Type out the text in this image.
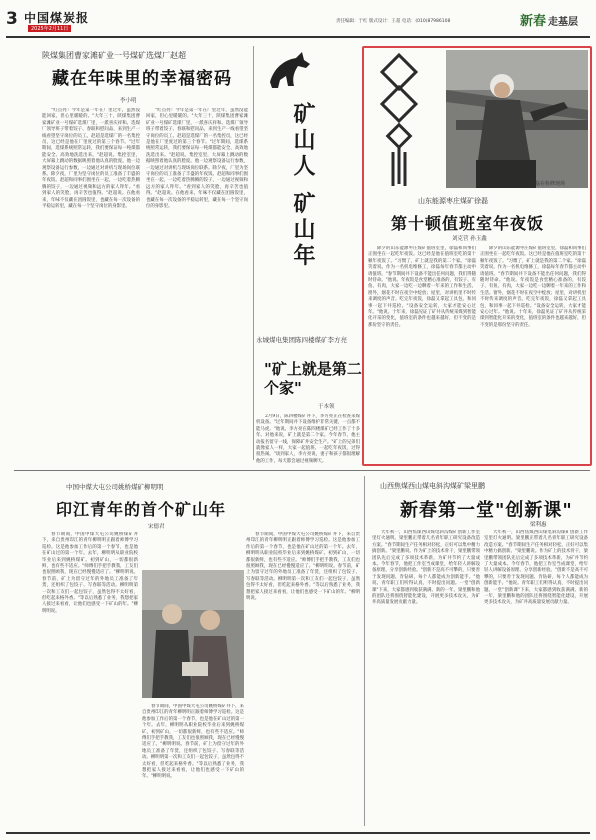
3 中国煤炭报
2025年2月11日
责任编辑：于红 版式设计：王超 电话：(010)87986108	新春 走基层
陕煤集团曹家滩矿业一号煤矿选煤厂赵超
藏在年味里的幸福密码
李小明
"红点亮！今年是第一年在厂里过年，虽然没能回家，但心里暖暖的。"大年三十，陕煤集团曹家滩矿业一号煤矿选煤厂里，一派喜庆祥和。选煤厂领导班子带着饺子、春联和慰问品，来到生产一线看望坚守岗位的员工。赵超是选煤厂的一名集控员，这已经是他在厂里度过的第三个春节。"过年期间，选煤系统照常运转，我们要保证每一吨煤都能安全、高效地洗选出来。"赵超说。集控室里，大屏幕上跳动的数据映照着他认真的脸庞。他一边观察设备运行参数，一边通过对讲机与现场岗位联系。除夕夜，厂里为坚守岗位的员工准备了丰盛的年夜饭。赵超和同事们围坐在一起，一边吃着热腾腾的饺子，一边通过视频和远方的家人拜年。"看到家人的笑脸，再辛苦也值得。"赵超说。在他看来，年味不仅藏在团圆饭里，也藏在每一次设备的平稳运转里，藏在每一个坚守岗位的身影里。
"红点亮！今年是第一年在厂里过年，虽然没能回家，但心里暖暖的。"大年三十，陕煤集团曹家滩矿业一号煤矿选煤厂里，一派喜庆祥和。选煤厂领导班子带着饺子、春联和慰问品，来到生产一线看望坚守岗位的员工。赵超是选煤厂的一名集控员，这已经是他在厂里度过的第三个春节。"过年期间，选煤系统照常运转，我们要保证每一吨煤都能安全、高效地洗选出来。"赵超说。集控室里，大屏幕上跳动的数据映照着他认真的脸庞。他一边观察设备运行参数，一边通过对讲机与现场岗位联系。除夕夜，厂里为坚守岗位的员工准备了丰盛的年夜饭。赵超和同事们围坐在一起，一边吃着热腾腾的饺子，一边通过视频和远方的家人拜年。"看到家人的笑脸，再辛苦也值得。"赵超说。在他看来，年味不仅藏在团圆饭里，也藏在每一次设备的平稳运转里，藏在每一个坚守岗位的身影里。	矿山人 矿山年
永城煤电集团陈四楼煤矿李方亮
"矿上就是第二个家"
于本领
2月9日，陈四楼煤矿井下，李方亮正在检查采煤机设备。"过年期间井下设备维护非常关键，一点都不能马虎。"他说。李方亮在陈四楼煤矿已经工作了十多年。对他来说，矿上就是第二个家。今年春节，他主动报名留守一线，保障矿井安全生产。"矿上的兄弟们就像家人一样，大家一起值班、一起吃年夜饭，过得很热闹。"谈到家人，李方亮说，妻子和孩子都很理解他的工作，每天都会通过视频聊天。
徐磊在检修现场
山东能源枣庄煤矿徐磊
第十顿值班室年夜饭
刘克营 孙玉鑫
除夕的山东能源枣庄煤矿值班室里，徐磊和同事们正围坐在一起吃年夜饭。这已经是他在值班室吃的第十顿年夜饭了。"习惯了，矿上就是我的第二个家。"徐磊笑着说。作为一名机电维修工，徐磊每年春节都主动申请值班。"春节期间井下设备不能出任何问题，我们得随时待命。"他说。年夜饭是食堂精心准备的，有饺子、有鱼、有肉，大家一边吃一边聊着一年来的工作和生活。窗外，烟花不时在夜空中绽放；屋里，对讲机里不时传来调度的声音。吃完年夜饭，徐磊又拿起工具包，和同事一起下井巡检。"设备安全运转，大家才能安心过年。"他说。十年来，徐磊见证了矿井从传统采煤到智能化开采的变化，值班室的条件也越来越好，但不变的是那份坚守的责任。
除夕的山东能源枣庄煤矿值班室里，徐磊和同事们正围坐在一起吃年夜饭。这已经是他在值班室吃的第十顿年夜饭了。"习惯了，矿上就是我的第二个家。"徐磊笑着说。作为一名机电维修工，徐磊每年春节都主动申请值班。"春节期间井下设备不能出任何问题，我们得随时待命。"他说。年夜饭是食堂精心准备的，有饺子、有鱼、有肉，大家一边吃一边聊着一年来的工作和生活。窗外，烟花不时在夜空中绽放；屋里，对讲机里不时传来调度的声音。吃完年夜饭，徐磊又拿起工具包，和同事一起下井巡检。"设备安全运转，大家才能安心过年。"他说。十年来，徐磊见证了矿井从传统采煤到智能化开采的变化，值班室的条件也越来越好，但不变的是那份坚守的责任。
山西焦煤西山煤电斜沟煤矿梁里鹏
新春第一堂"创新课"
梁利惠
大年初一，山西焦煤西山煤电斜沟煤矿创新工作室里灯火通明。梁里鹏正带着几名青年职工研究设备改造方案。"春节期间生产任务相对轻松，正好可以集中精力搞创新。"梁里鹏说。作为矿上的技术骨干，梁里鹏带领团队先后完成了多项技术革新，为矿井节约了大量成本。今年春节，他把工作室当成课堂，给年轻人讲解设备原理、分享创新经验。"创新不是高不可攀的，只要善于发现问题、肯钻研，每个人都能成为创新能手。"他说。青年职工们听得认真，不时提出问题。一堂"创新课"下来，大家都感到收获满满。新的一年，梁里鹏和他的团队还将围绕智能化建设，开展更多技术攻关，为矿井高质量发展贡献力量。
大年初一，山西焦煤西山煤电斜沟煤矿创新工作室里灯火通明。梁里鹏正带着几名青年职工研究设备改造方案。"春节期间生产任务相对轻松，正好可以集中精力搞创新。"梁里鹏说。作为矿上的技术骨干，梁里鹏带领团队先后完成了多项技术革新，为矿井节约了大量成本。今年春节，他把工作室当成课堂，给年轻人讲解设备原理、分享创新经验。"创新不是高不可攀的，只要善于发现问题、肯钻研，每个人都能成为创新能手。"他说。青年职工们听得认真，不时提出问题。一堂"创新课"下来，大家都感到收获满满。新的一年，梁里鹏和他的团队还将围绕智能化建设，开展更多技术攻关，为矿井高质量发展贡献力量。
中国中煤大屯公司姚桥煤矿柳明明
印江青年的首个矿山年
宋德君
春节期间，中国中煤大屯公司姚桥煤矿井下，来自贵州印江的青年柳明明正跟着师傅学习巡检。这是他参加工作后的第一个春节，也是他在矿山过的第一个年。去年，柳明明从职业院校毕业后来到姚桥煤矿。初到矿山，一切都很新鲜，也有些不适应。"师傅们手把手教我，工友们也很照顾我，现在已经慢慢适应了。"柳明明说。春节前，矿上为留守过年的外地员工准备了年货，还组织了包饺子、写春联等活动。柳明明第一次和工友们一起包饺子，虽然包得不太好看，但吃起来格外香。"等以后熟悉了业务，我想把家人接过来看看，让他们也感受一下矿山的年。"柳明明说。
春节期间，中国中煤大屯公司姚桥煤矿井下，来自贵州印江的青年柳明明正跟着师傅学习巡检。这是他参加工作后的第一个春节，也是他在矿山过的第一个年。去年，柳明明从职业院校毕业后来到姚桥煤矿。初到矿山，一切都很新鲜，也有些不适应。"师傅们手把手教我，工友们也很照顾我，现在已经慢慢适应了。"柳明明说。春节前，矿上为留守过年的外地员工准备了年货，还组织了包饺子、写春联等活动。柳明明第一次和工友们一起包饺子，虽然包得不太好看，但吃起来格外香。"等以后熟悉了业务，我想把家人接过来看看，让他们也感受一下矿山的年。"柳明明说。
春节期间，中国中煤大屯公司姚桥煤矿井下，来自贵州印江的青年柳明明正跟着师傅学习巡检。这是他参加工作后的第一个春节，也是他在矿山过的第一个年。去年，柳明明从职业院校毕业后来到姚桥煤矿。初到矿山，一切都很新鲜，也有些不适应。"师傅们手把手教我，工友们也很照顾我，现在已经慢慢适应了。"柳明明说。春节前，矿上为留守过年的外地员工准备了年货，还组织了包饺子、写春联等活动。柳明明第一次和工友们一起包饺子，虽然包得不太好看，但吃起来格外香。"等以后熟悉了业务，我想把家人接过来看看，让他们也感受一下矿山的年。"柳明明说。
